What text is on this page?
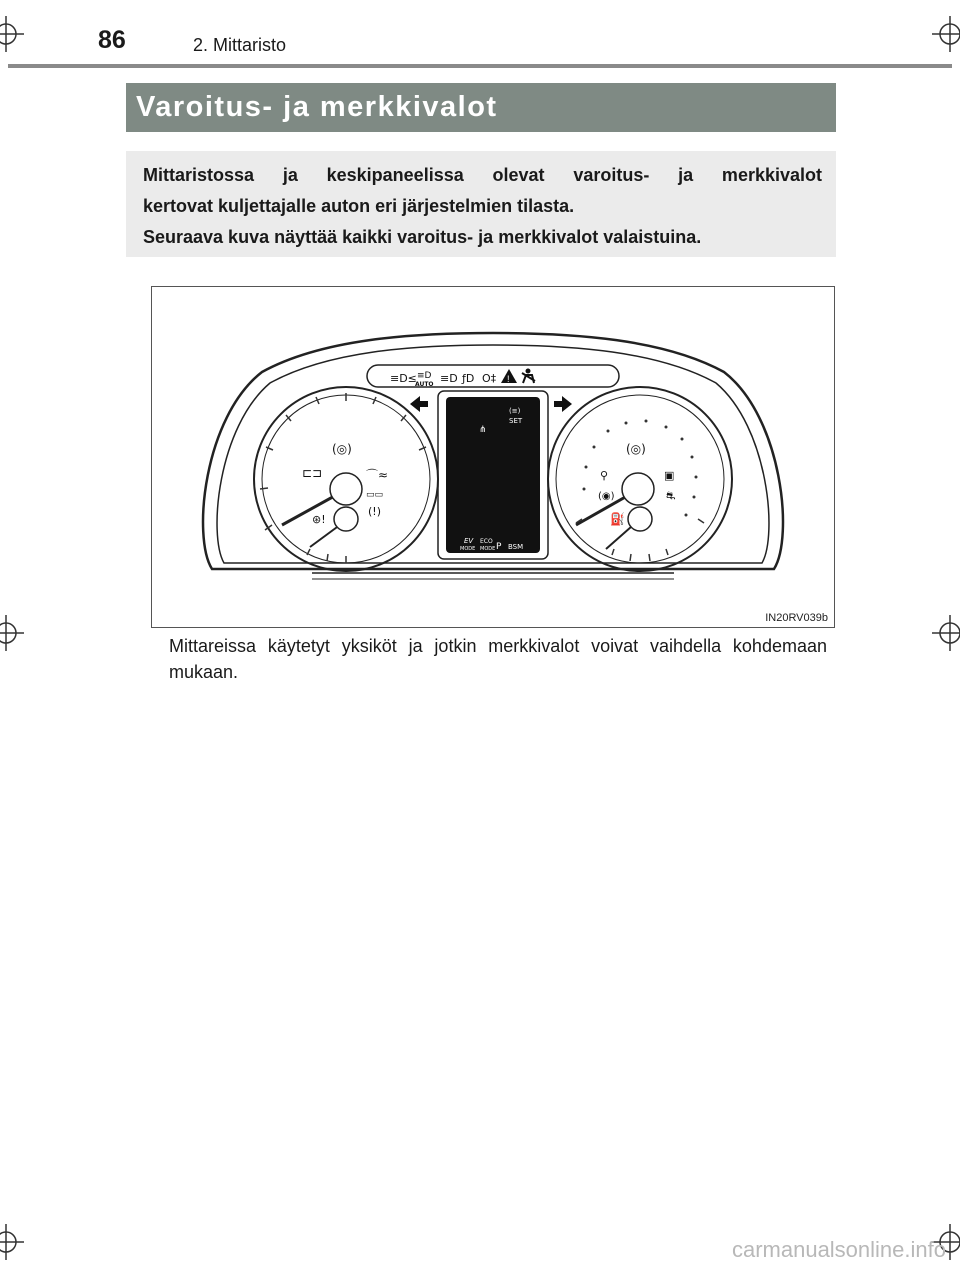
86	2. Mittaristo
Varoitus- ja merkkivalot

Mittaristossa ja keskipaneelissa olevat varoitus- ja merkkivalot

kertovat kuljettajalle auton eri järjestelmien tilasta.

Seuraava kuva näyttää kaikki varoitus- ja merkkivalot valaistuina.

≡D≤ ≡D
AUTO ≡D ƒD O‡ !
(◎)
⊏⊐	⌒≈
▭▭
(!)
⊛!
(≡)
SET
⋔
EV
MODE
ECO
MODE P BSM
(◎)
⚲
(◉)
▣
⛐
⛽
IN20RV039b
Mittareissa käytetyt yksiköt ja jotkin merkkivalot voivat vaihdella kohdemaan mukaan.
carmanualsonline.info
